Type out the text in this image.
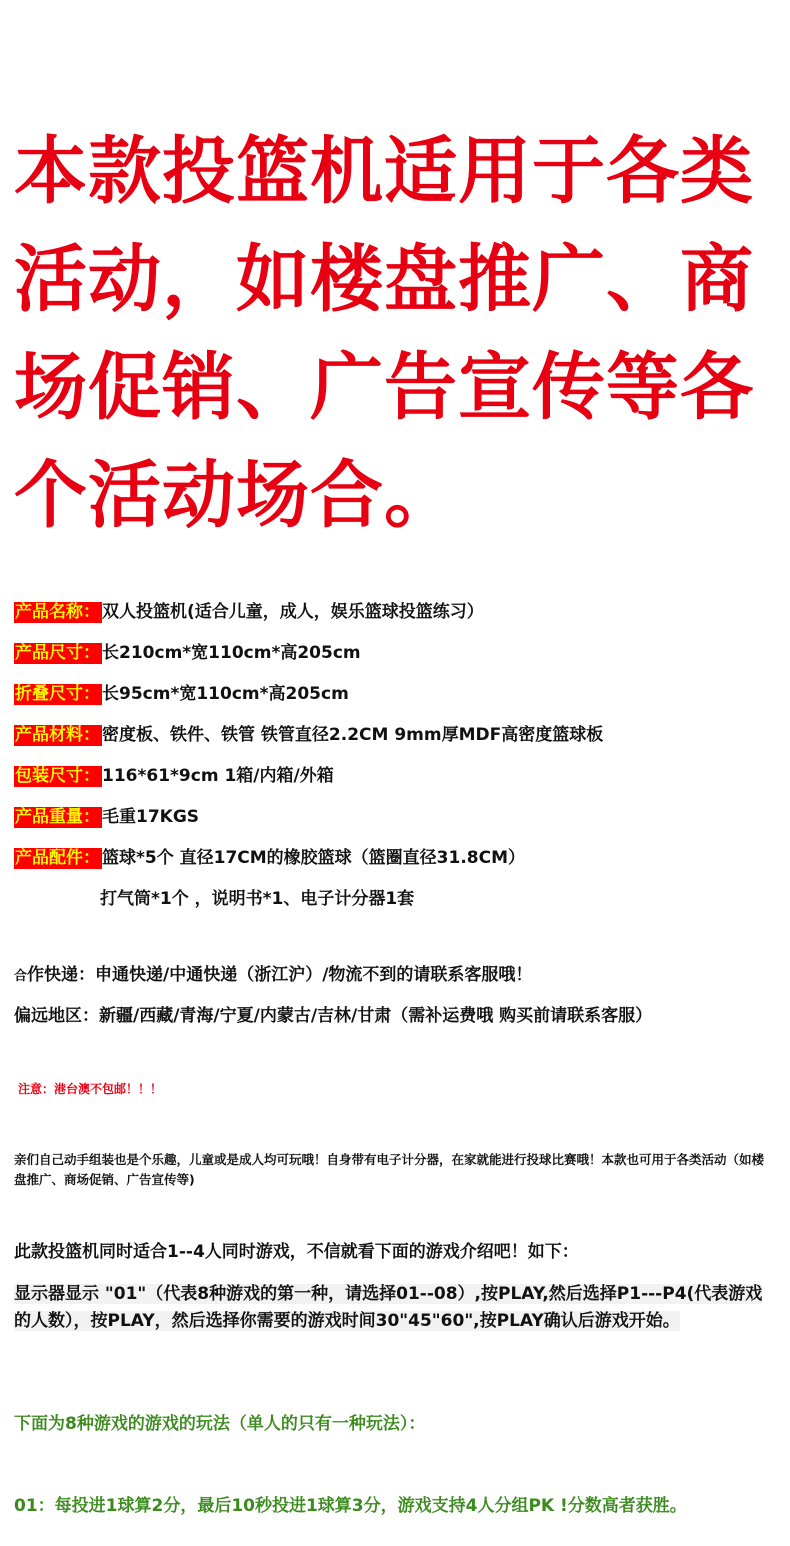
本款投篮机适用于各类活动，如楼盘推广、商场促销、广告宣传等各个活动场合。
产品名称： 双人投篮机(适合儿童，成人，娱乐篮球投篮练习）
产品尺寸： 长210cm*宽110cm*高205cm
折叠尺寸： 长95cm*宽110cm*高205cm
产品材料： 密度板、铁件、铁管 铁管直径2.2CM 9mm厚MDF高密度篮球板
包装尺寸： 116*61*9cm 1箱/内箱/外箱
产品重量： 毛重17KGS
产品配件： 篮球*5个 直径17CM的橡胶篮球（篮圈直径31.8CM）
打气筒*1个 ，说明书*1、电子计分器1套
合作快递：申通快递/中通快递（浙江沪）/物流不到的请联系客服哦！
偏远地区：新疆/西藏/青海/宁夏/内蒙古/吉林/甘肃（需补运费哦 购买前请联系客服）
注意：港台澳不包邮！！！

亲们自己动手组装也是个乐趣，儿童或是成人均可玩哦！自身带有电子计分器，在家就能进行投球比赛哦！本款也可用于各类活动（如楼盘推广、商场促销、广告宣传等)

此款投篮机同时适合1--4人同时游戏，不信就看下面的游戏介绍吧！如下：
显示器显示 "01"（代表8种游戏的第一种，请选择01--08）,按PLAY,然后选择P1---P4(代表游戏的人数），按PLAY，然后选择你需要的游戏时间30"45"60",按PLAY确认后游戏开始。
下面为8种游戏的游戏的玩法（单人的只有一种玩法）：
01：每投进1球算2分，最后10秒投进1球算3分，游戏支持4人分组PK !分数高者获胜。
